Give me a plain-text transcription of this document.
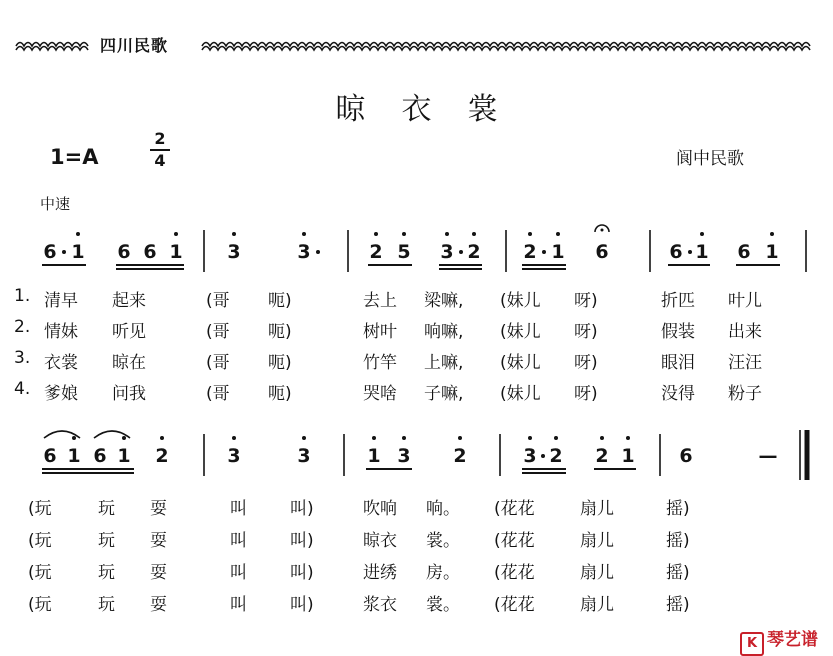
四川民歌
晾衣裳
1=A
2
4	阆中民歌
中速
6 1 6 6 1 3	3	2 5 3 2 2 1 6	6 1 6 1
1. 清早 起来	(哥 呃)	去上 梁嘛, (妹儿 呀)	折匹 叶儿
2. 情妹 听见	(哥 呃)	树叶 响嘛, (妹儿 呀)	假装 出来
3. 衣裳 晾在	(哥 呃)	竹竿 上嘛, (妹儿 呀)	眼泪 汪汪
4. 爹娘 问我	(哥 呃)	哭啥 子嘛, (妹儿 呀)	没得 粉子
6 1 6 1 2	3	3	1 3 2	3 2 2 1 6	—
(玩	玩 耍	叫	叫)	吹响 响。 (花花	扇儿	摇)
(玩	玩 耍	叫	叫)	晾衣 裳。 (花花	扇儿	摇)
(玩	玩 耍	叫	叫)	进绣 房。 (花花	扇儿	摇)
(玩	玩 耍	叫	叫)	浆衣 裳。 (花花	扇儿	摇)
K 琴艺谱
